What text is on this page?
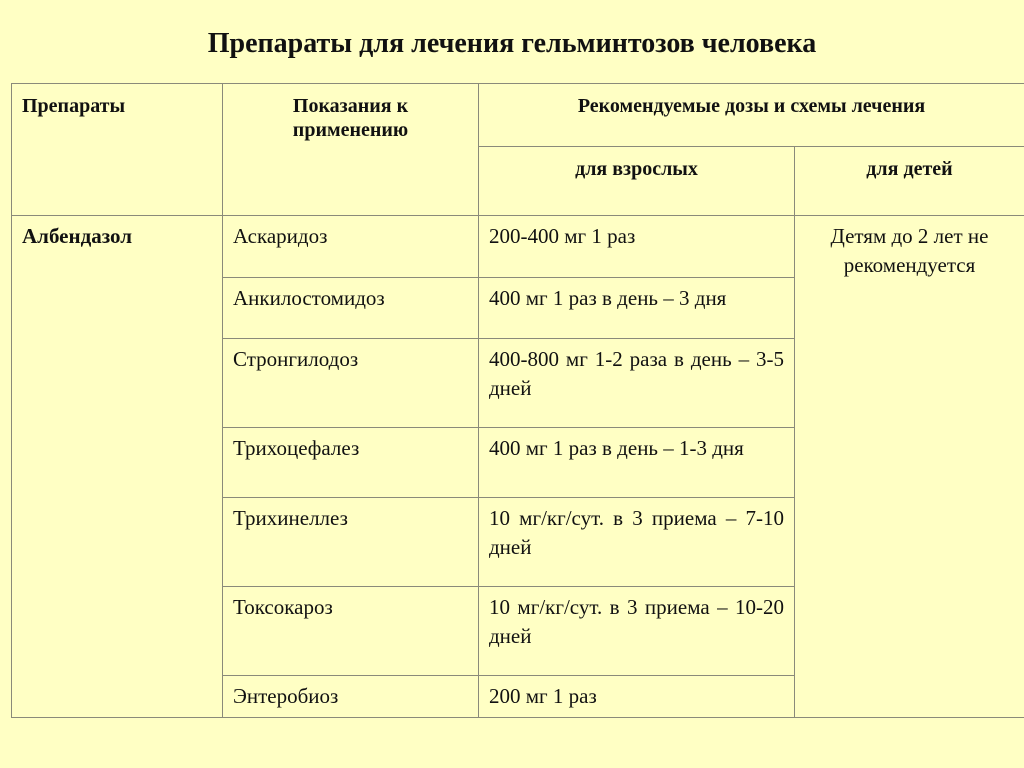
Препараты для лечения гельминтозов человека
Препараты	Показания к применению	Рекомендуемые дозы и схемы лечения	
		для взрослых	для детей
Албендазол	Аскаридоз	200-400 мг 1 раз	Детям до 2 лет не рекомендуется
	Анкилостомидоз	400 мг 1 раз в день – 3 дня	
	Стронгилодоз	400-800 мг 1-2 раза в день – 3-5 дней	
	Трихоцефалез	400 мг 1 раз в день – 1-3 дня	
	Трихинеллез	10 мг/кг/сут. в 3 приема – 7-10 дней	
	Токсокароз	10 мг/кг/сут. в 3 приема – 10-20 дней	
	Энтеробиоз	200 мг 1 раз	
